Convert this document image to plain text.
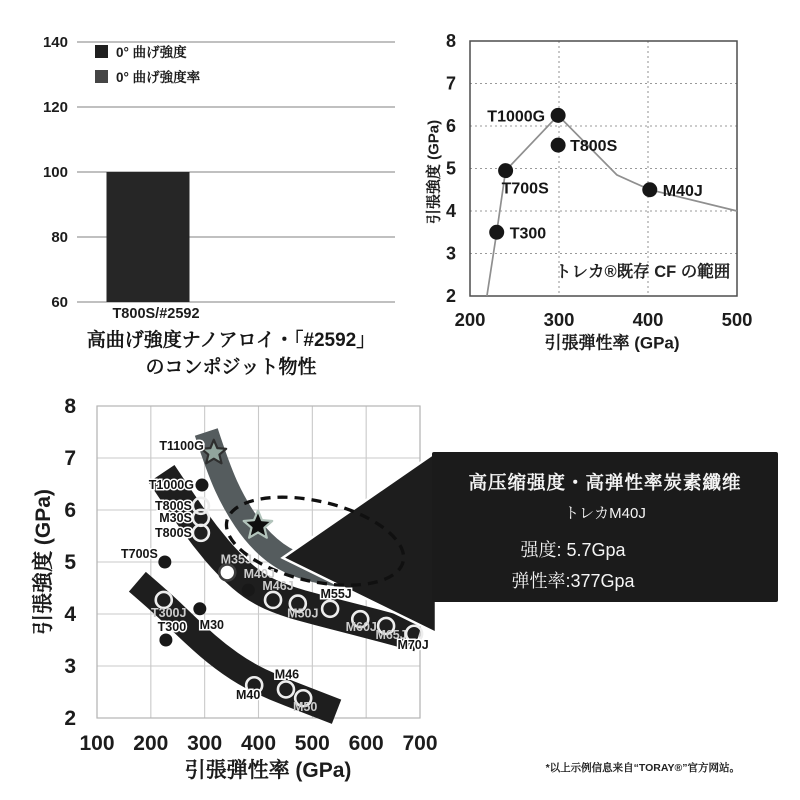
60
80
100
120
140
T800S/#2592
T300
T700S
T1000G
T800S
M40J
トレカ®既存 CF の範囲
2
3
4
5
6
7
8
200	300	400	500
T1000G
T800S
M30S
T800S
T700S
T300 M30
T300J
M35J
M40J
M46J
M50J
M55J
M60J
M65J
M70J
M40
M46
M50
T1100G
2
3
4
5
6
7
8
100 200 300 400 500 600 700
0° 曲げ強度
0° 曲げ強度率
高曲げ強度ナノアロイ・「#2592」
のコンポジット物性
引張強度 (GPa)
引張弾性率 (GPa)
引張強度 (GPa)
引張弾性率 (GPa)
高压缩强度・高弹性率炭素纖维
トレカM40J
强度: 5.7Gpa
弹性率:377Gpa
*以上示例信息来自“TORAY®”官方网站。
